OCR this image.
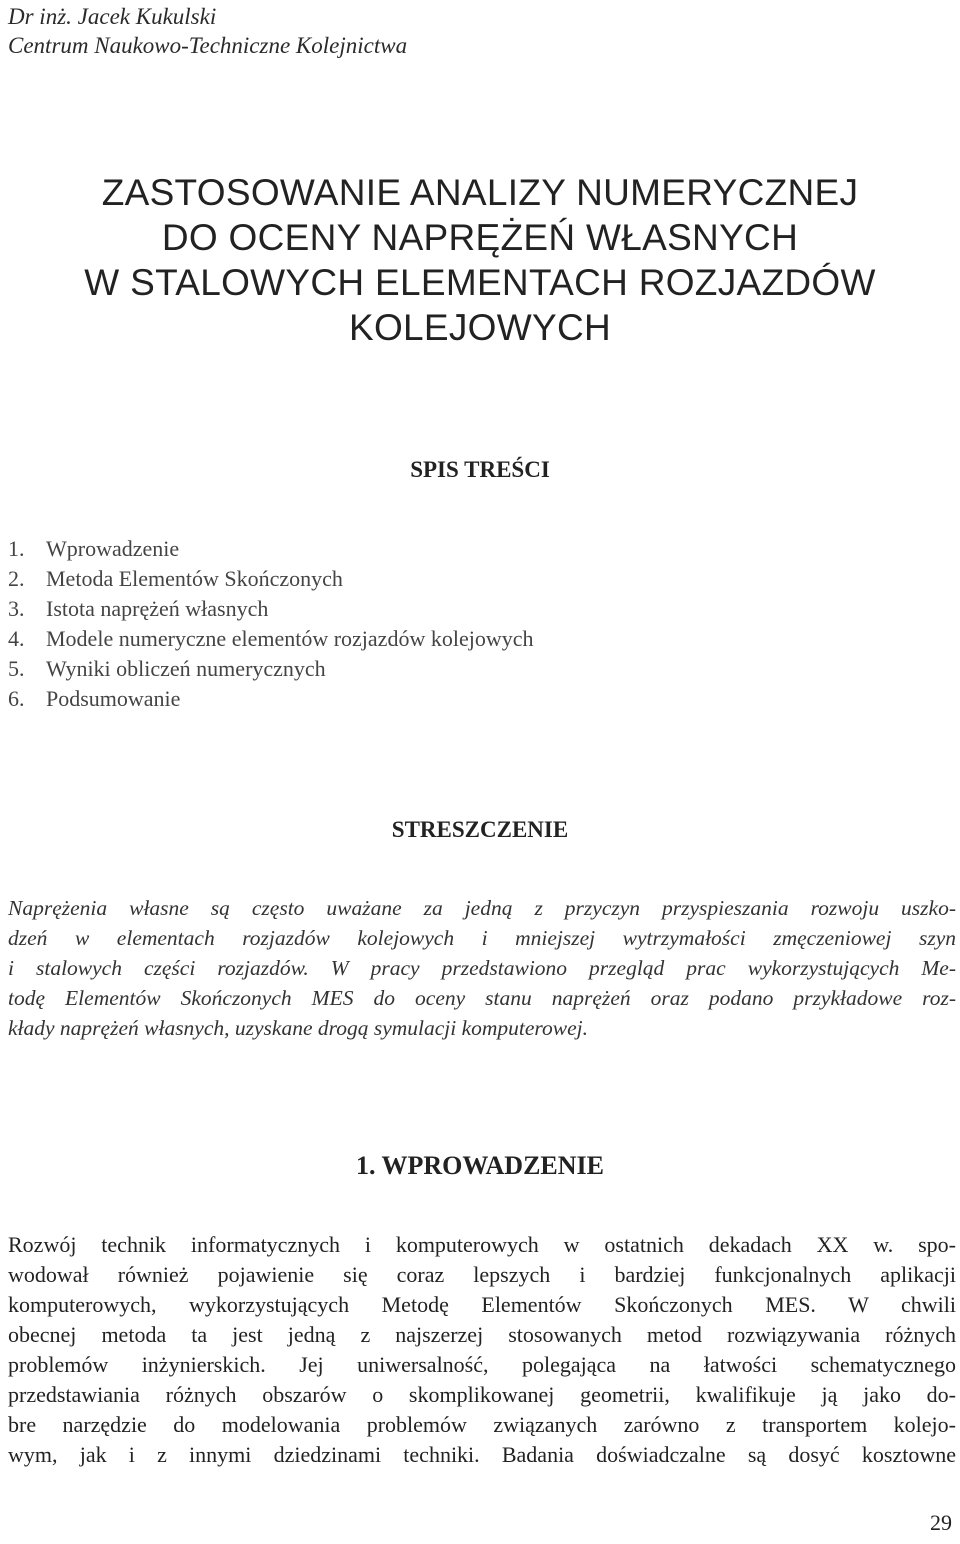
Dr inż. Jacek Kukulski
Centrum Naukowo-Techniczne Kolejnictwa
ZASTOSOWANIE ANALIZY NUMERYCZNEJ
DO OCENY NAPRĘŻEŃ WŁASNYCH
W STALOWYCH ELEMENTACH ROZJAZDÓW
KOLEJOWYCH
SPIS TREŚCI
1. Wprowadzenie
2. Metoda Elementów Skończonych
3. Istota naprężeń własnych
4. Modele numeryczne elementów rozjazdów kolejowych
5. Wyniki obliczeń numerycznych
6. Podsumowanie
STRESZCZENIE
Naprężenia własne są często uważane za jedną z przyczyn przyspieszania rozwoju uszko-
dzeń w elementach rozjazdów kolejowych i mniejszej wytrzymałości zmęczeniowej szyn
i stalowych części rozjazdów. W pracy przedstawiono przegląd prac wykorzystujących Me-
todę Elementów Skończonych MES do oceny stanu naprężeń oraz podano przykładowe roz-
kłady naprężeń własnych, uzyskane drogą symulacji komputerowej.
1. WPROWADZENIE
Rozwój technik informatycznych i komputerowych w ostatnich dekadach XX w. spo-
wodował również pojawienie się coraz lepszych i bardziej funkcjonalnych aplikacji
komputerowych, wykorzystujących Metodę Elementów Skończonych MES. W chwili
obecnej metoda ta jest jedną z najszerzej stosowanych metod rozwiązywania różnych
problemów inżynierskich. Jej uniwersalność, polegająca na łatwości schematycznego
przedstawiania różnych obszarów o skomplikowanej geometrii, kwalifikuje ją jako do-
bre narzędzie do modelowania problemów związanych zarówno z transportem kolejo-
wym, jak i z innymi dziedzinami techniki. Badania doświadczalne są dosyć kosztowne
29
